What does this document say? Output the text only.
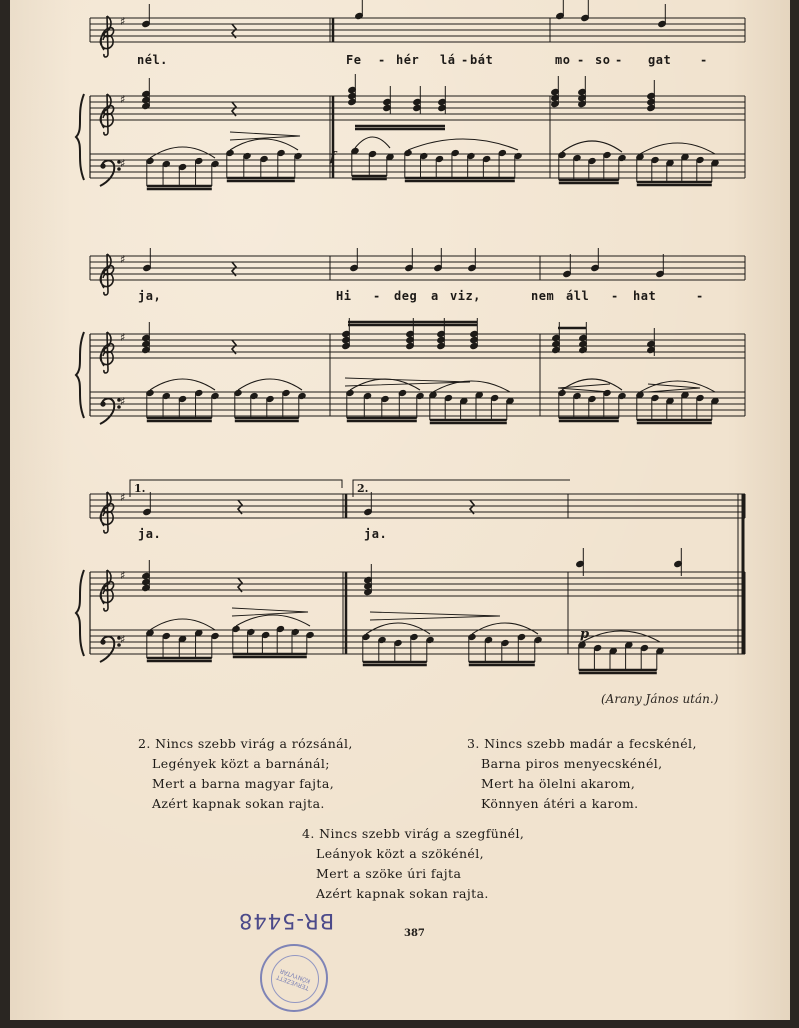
♯
♯
♯	f
♯
♯
♯
♯
♯
♯	p
1.	2.
nél.	Fe - hér lá - bát	mo - so - gat -
ja,	Hi - deg a viz,	nem áll - hat	-
ja.	ja.
(Arany János után.)
2. Nincs szebb virág a rózsánál,
Legények közt a barnánál;
Mert a barna magyar fajta,
Azért kapnak sokan rajta.
3. Nincs szebb madár a fecskénél,
Barna piros menyecskénél,
Mert ha ölelni akarom,
Könnyen átéri a karom.
4. Nincs szebb virág a szegfünél,
Leányok közt a szökénél,
Mert a szöke úri fajta
Azért kapnak sokan rajta.
387
BR-5448
TERVEZETT KÖNYVTÁR
